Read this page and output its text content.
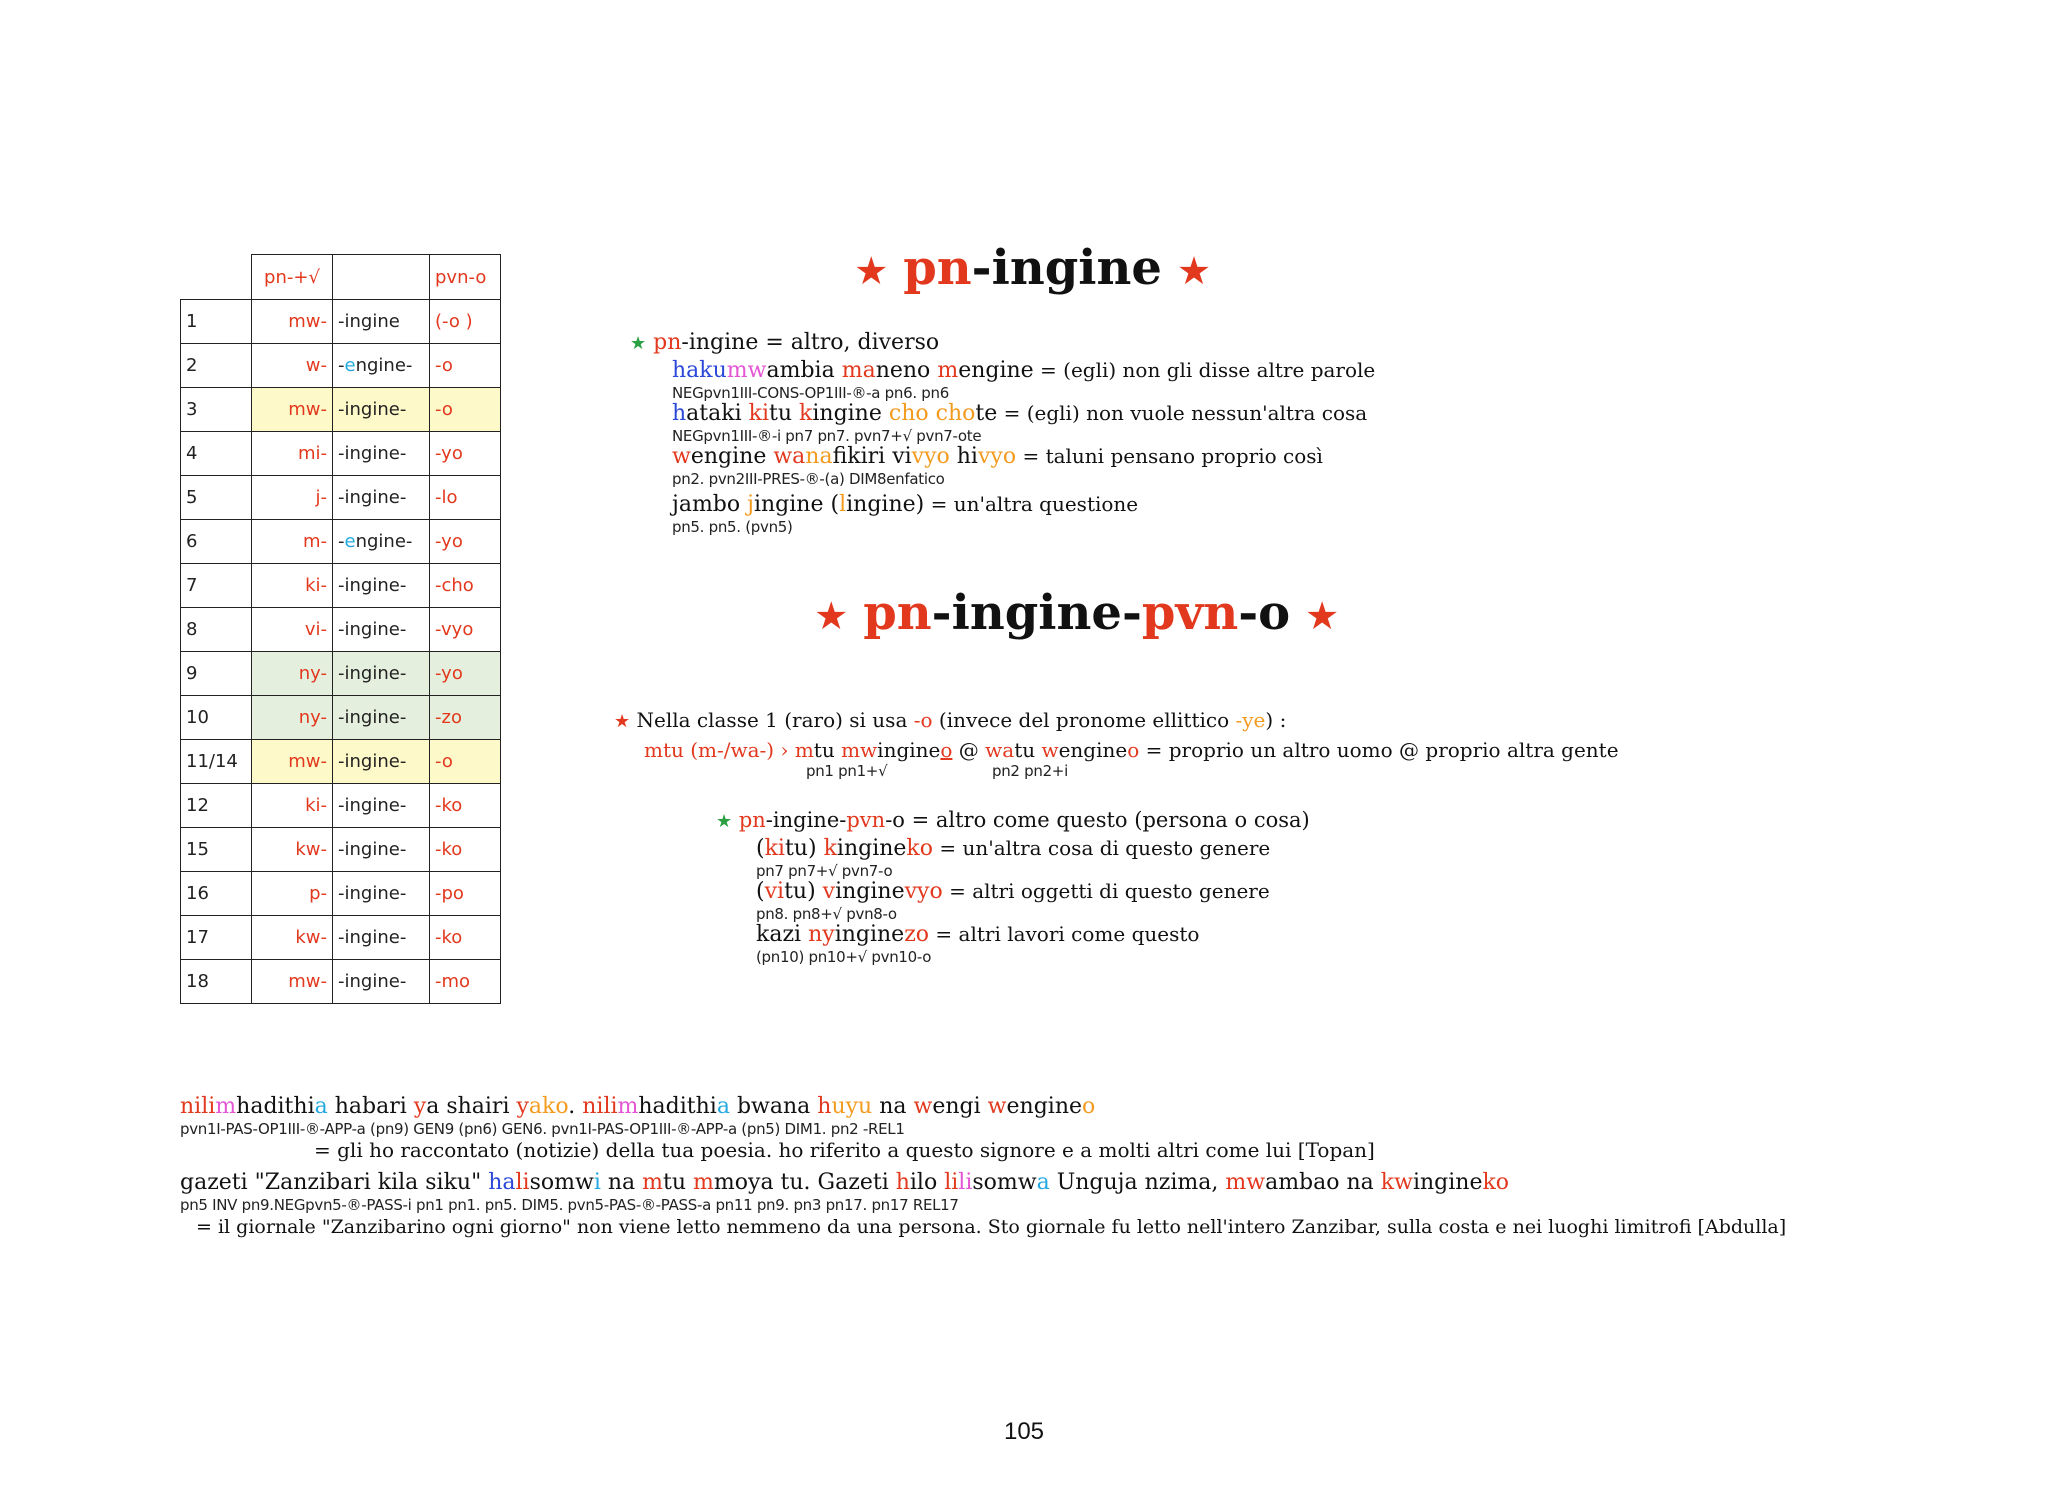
	pn-+√		pvn-o
1	mw-	-ingine	(-o )
2	w-	-engine-	-o
3	mw-	-ingine-	-o
4	mi-	-ingine-	-yo
5	j-	-ingine-	-lo
6	m-	-engine-	-yo
7	ki-	-ingine-	-cho
8	vi-	-ingine-	-vyo
9	ny-	-ingine-	-yo
10	ny-	-ingine-	-zo
11/14	mw-	-ingine-	-o
12	ki-	-ingine-	-ko
15	kw-	-ingine-	-ko
16	p-	-ingine-	-po
17	kw-	-ingine-	-ko
18	mw-	-ingine-	-mo
★ pn-ingine ★
★ pn-ingine = altro, diverso
hakumwambia maneno mengine = (egli) non gli disse altre parole
NEGpvn1III-CONS-OP1III-®-a pn6. pn6
hataki kitu kingine cho chote = (egli) non vuole nessun'altra cosa
NEGpvn1III-®-i pn7 pn7. pvn7+√ pvn7-ote
wengine wanafikiri vivyo hivyo = taluni pensano proprio così
pn2. pvn2III-PRES-®-(a) DIM8enfatico
jambo jingine (lingine) = un'altra questione
pn5. pn5. (pvn5)
★ pn-ingine-pvn-o ★
★ Nella classe 1 (raro) si usa -o (invece del pronome ellittico -ye) :
mtu (m-/wa-) › mtu mwingineo @ watu wengineo = proprio un altro uomo @ proprio altra gente
pn1 pn1+√	pn2 pn2+i
★ pn-ingine-pvn-o = altro come questo (persona o cosa)
(kitu) kingineko = un'altra cosa di questo genere
pn7 pn7+√ pvn7-o
(vitu) vinginevyo = altri oggetti di questo genere
pn8. pn8+√ pvn8-o
kazi nyinginezo = altri lavori come questo
(pn10) pn10+√ pvn10-o
nilimhadithia habari ya shairi yako. nilimhadithia bwana huyu na wengi wengineo
pvn1I-PAS-OP1III-®-APP-a (pn9) GEN9 (pn6) GEN6. pvn1I-PAS-OP1III-®-APP-a (pn5) DIM1. pn2 -REL1
= gli ho raccontato (notizie) della tua poesia. ho riferito a questo signore e a molti altri come lui [Topan]
gazeti "Zanzibari kila siku" halisomwi na mtu mmoya tu. Gazeti hilo lilisomwa Unguja nzima, mwambao na kwingineko
pn5 INV pn9.NEGpvn5-®-PASS-i pn1 pn1. pn5. DIM5. pvn5-PAS-®-PASS-a pn11 pn9. pn3 pn17. pn17 REL17
= il giornale "Zanzibarino ogni giorno" non viene letto nemmeno da una persona. Sto giornale fu letto nell'intero Zanzibar, sulla costa e nei luoghi limitrofi [Abdulla]
105
